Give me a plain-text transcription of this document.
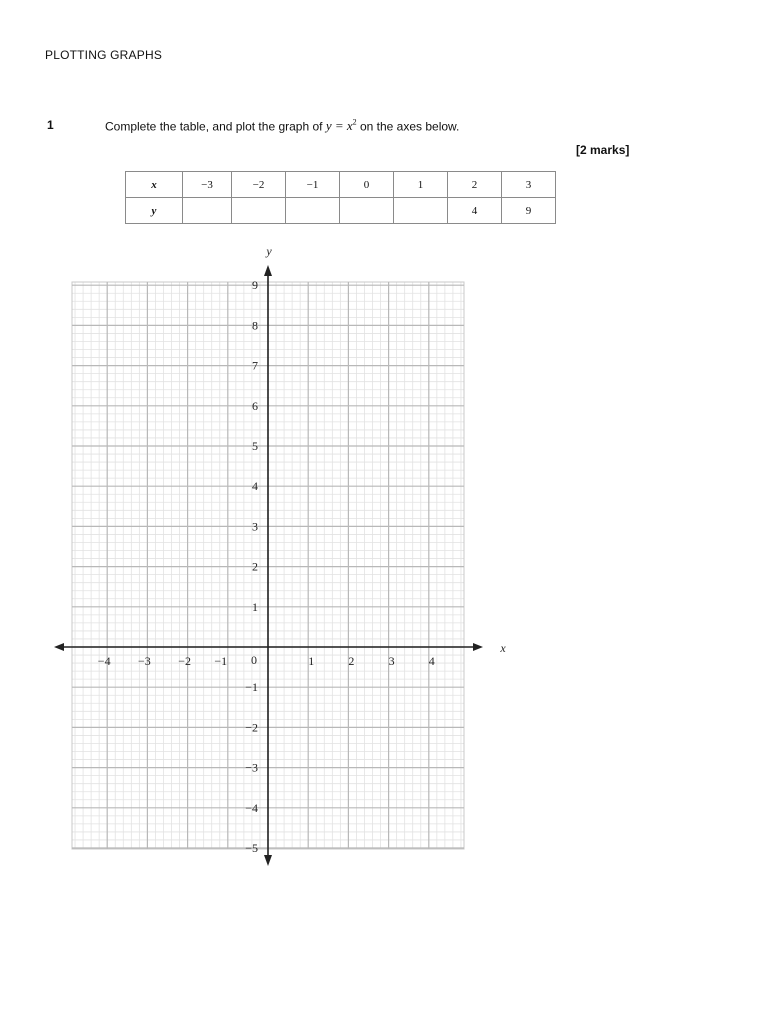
PLOTTING GRAPHS
1	Complete the table, and plot the graph of $y = x^2$ on the axes below.
[2 marks]
x	−3	−2	−1	0	1	2	3
y						4	9
x
y
0
−4 −3 −2 −1	1	2	3	4
9
8
7
6
5
4
3
2
1
−1
−2
−3
−4
−5
